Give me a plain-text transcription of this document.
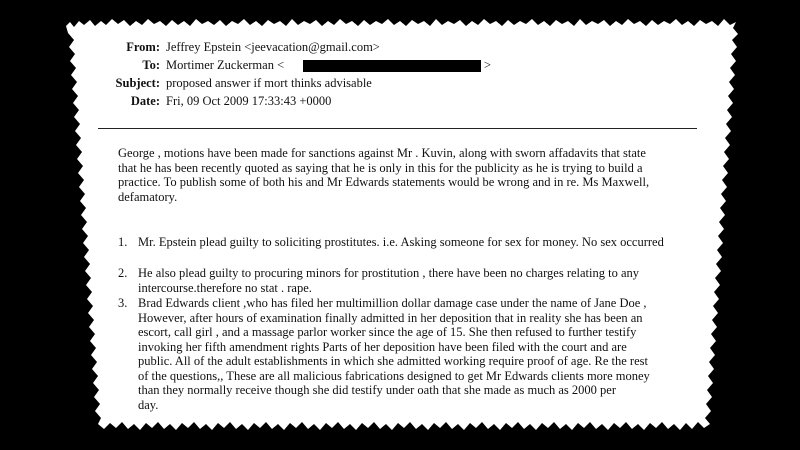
From: Jeffrey Epstein <jeevacation@gmail.com>
To: Mortimer Zuckerman <	>
Subject: proposed answer if mort thinks advisable
Date: Fri, 09 Oct 2009 17:33:43 +0000
George , motions have been made for sanctions against Mr . Kuvin, along with sworn affadavits that state
that he has been recently quoted as saying that he is only in this for the publicity as he is trying to build a
practice. To publish some of both his and Mr Edwards statements would be wrong and in re. Ms Maxwell,
defamatory.
1. Mr. Epstein plead guilty to soliciting prostitutes. i.e. Asking someone for sex for money. No sex occurred
2. He also plead guilty to procuring minors for prostitution , there have been no charges relating to any
intercourse.therefore no stat . rape.
3. Brad Edwards client ,who has filed her multimillion dollar damage case under the name of Jane Doe ,
However, after hours of examination finally admitted in her deposition that in reality she has been an
escort, call girl , and a massage parlor worker since the age of 15. She then refused to further testify
invoking her fifth amendment rights Parts of her deposition have been filed with the court and are
public. All of the adult establishments in which she admitted working require proof of age. Re the rest
of the questions,, These are all malicious fabrications designed to get Mr Edwards clients more money
than they normally receive though she did testify under oath that she made as much as 2000 per
day.
